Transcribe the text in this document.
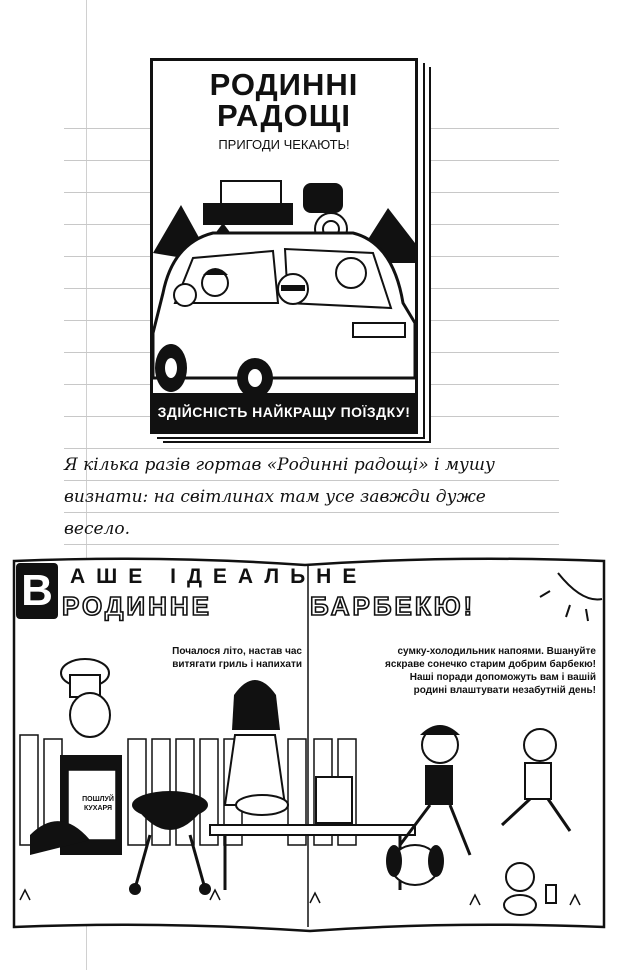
РОДИННІ
РАДОЩІ
ПРИГОДИ ЧЕКАЮТЬ!
ЗДІЙСНІСТЬ НАЙКРАЩУ ПОЇЗДКУ!
Я кілька разів гортав «Родинні радощі» і мушу
визнати: на світлинах там усе завжди дуже
весело.
В АШЕ ІДЕАЛЬНЕ
РОДИННЕ	БАРБЕКЮ!
Почалося літо, настав час
витягати гриль і напихати
сумку-холодильник напоями. Вшануйте
яскраве сонечко старим добрим барбекю!
Наші поради допоможуть вам і вашій
родині влаштувати незабутній день!
ПОШЛУЙ
КУХАРЯ
